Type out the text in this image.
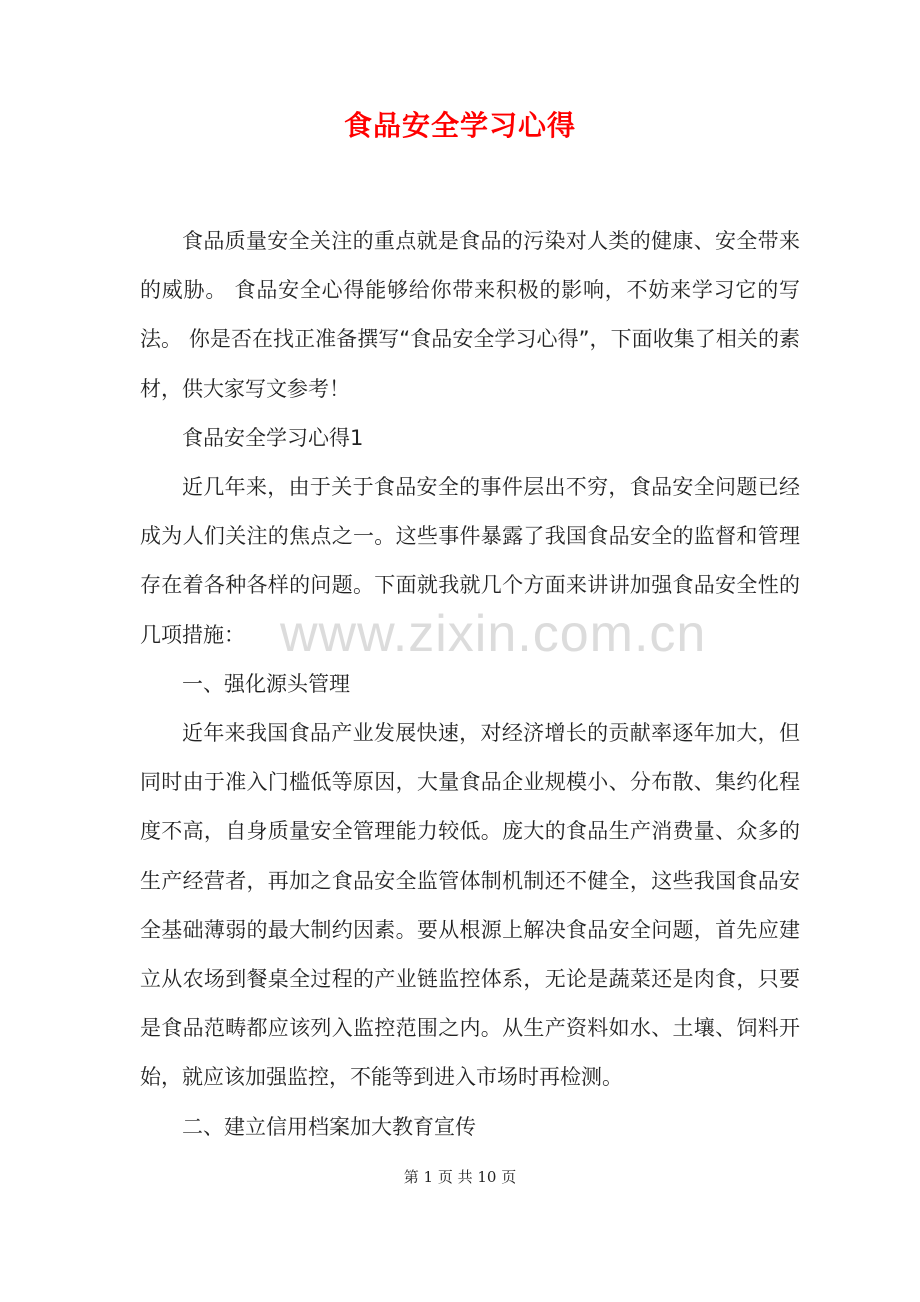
食品安全学习心得

食品质量安全关注的重点就是食品的污染对人类的健康、安全带来的威胁。 食品安全心得能够给你带来积极的影响，不妨来学习它的写法。 你是否在找正准备撰写“食品安全学习心得”，下面收集了相关的素材，供大家写文参考！

食品安全学习心得1

近几年来，由于关于食品安全的事件层出不穷，食品安全问题已经成为人们关注的焦点之一。这些事件暴露了我国食品安全的监督和管理存在着各种各样的问题。下面就我就几个方面来讲讲加强食品安全性的几项措施：

一、强化源头管理

近年来我国食品产业发展快速，对经济增长的贡献率逐年加大，但同时由于准入门槛低等原因，大量食品企业规模小、分布散、集约化程度不高，自身质量安全管理能力较低。庞大的食品生产消费量、众多的生产经营者，再加之食品安全监管体制机制还不健全，这些我国食品安全基础薄弱的最大制约因素。要从根源上解决食品安全问题，首先应建立从农场到餐桌全过程的产业链监控体系，无论是蔬菜还是肉食，只要是食品范畴都应该列入监控范围之内。从生产资料如水、土壤、饲料开始，就应该加强监控，不能等到进入市场时再检测。

二、建立信用档案加大教育宣传

www.zixin.com.cn
第 1 页 共 10 页
